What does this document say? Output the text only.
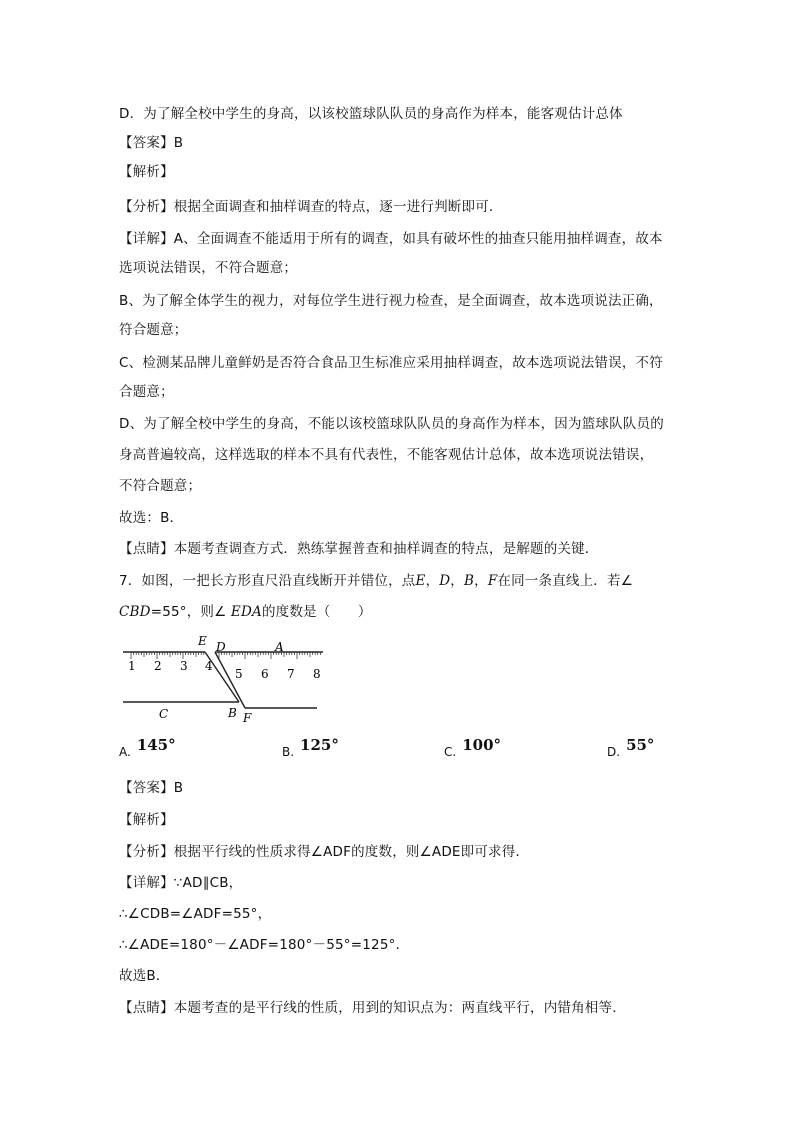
D．为了解全校中学生的身高，以该校篮球队队员的身高作为样本，能客观估计总体
【答案】B
【解析】
【分析】根据全面调查和抽样调查的特点，逐一进行判断即可．
【详解】A、全面调查不能适用于所有的调查，如具有破坏性的抽查只能用抽样调查，故本
选项说法错误，不符合题意；
B、为了解全体学生的视力，对每位学生进行视力检查，是全面调查，故本选项说法正确，
符合题意；
C、检测某品牌儿童鲜奶是否符合食品卫生标准应采用抽样调查，故本选项说法错误，不符
合题意；
D、为了解全校中学生的身高，不能以该校篮球队队员的身高作为样本，因为篮球队队员的
身高普遍较高，这样选取的样本不具有代表性，不能客观估计总体，故本选项说法错误，
不符合题意；
故选：B．
【点睛】本题考查调查方式．熟练掌握普查和抽样调查的特点，是解题的关键．
7．如图，一把长方形直尺沿直线断开并错位，点E，D，B，F在同一条直线上．若∠
CBD=55°，则∠ EDA的度数是（　　）
1 2 3 4
5 6 7 8
E D	A
C	B F
A. 145°	B. 125°	C. 100°	D. 55°
【答案】B
【解析】
【分析】根据平行线的性质求得∠ADF的度数，则∠ADE即可求得．
【详解】∵AD∥CB，
∴∠CDB=∠ADF=55°，
∴∠ADE=180°－∠ADF=180°－55°=125°．
故选B．
【点睛】本题考查的是平行线的性质，用到的知识点为：两直线平行，内错角相等．
